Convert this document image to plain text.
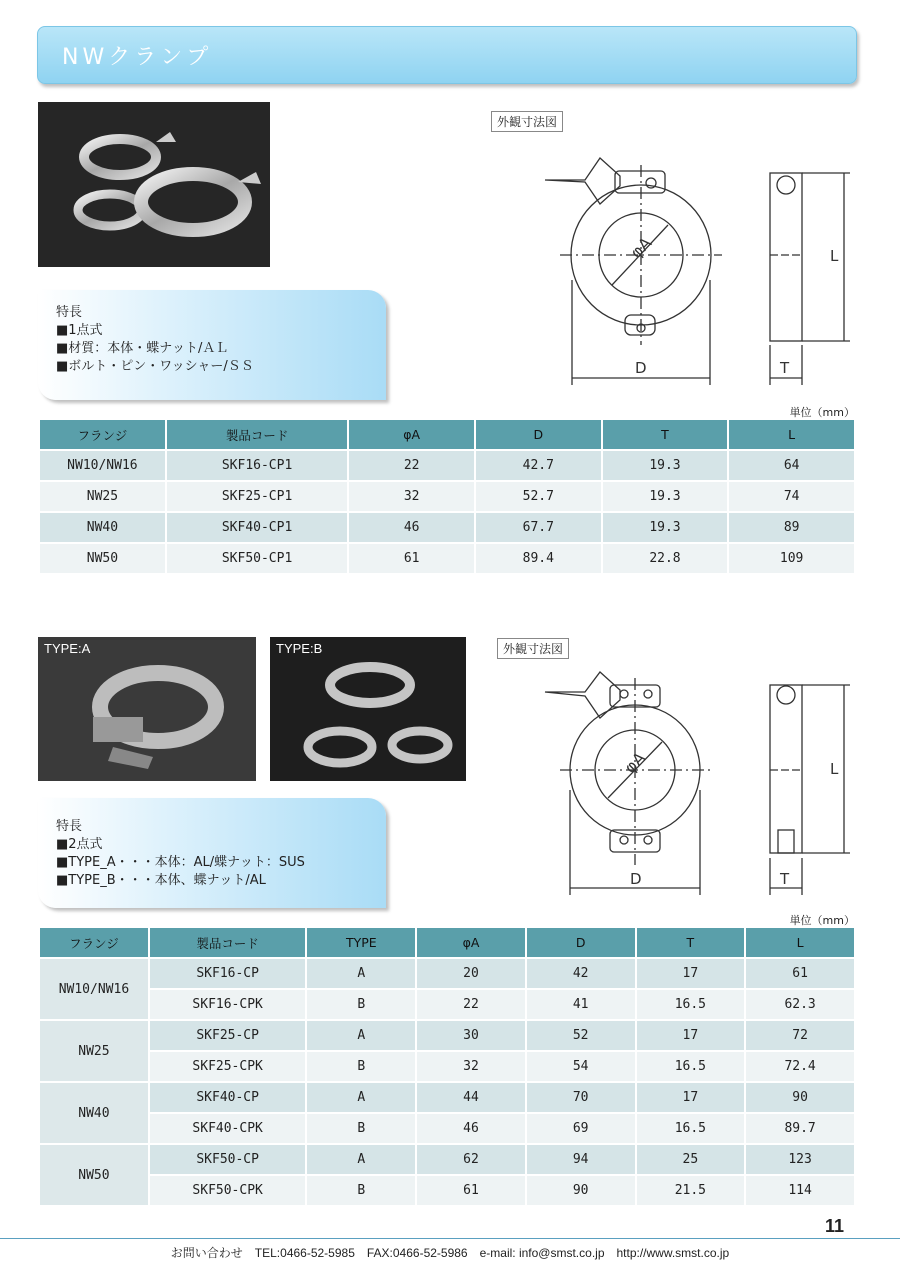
NWクランプ
特長
■1点式
■材質：本体・蝶ナット/ＡＬ
■ボルト・ピン・ワッシャー/ＳＳ
外観寸法図
φA
D	T
L
単位（mm）
フランジ	製品コード	φA	D	T	L
NW10/NW16	SKF16-CP1	22	42.7	19.3	64
NW25	SKF25-CP1	32	52.7	19.3	74
NW40	SKF40-CP1	46	67.7	19.3	89
NW50	SKF50-CP1	61	89.4	22.8	109
TYPE:A	TYPE:B
特長
■2点式
■TYPE_A・・・本体：AL/蝶ナット：SUS
■TYPE_B・・・本体、蝶ナット/AL
外観寸法図
φA
D	T
L
単位（mm）
フランジ	製品コード	TYPE	φA	D	T	L
NW10/NW16	SKF16-CP	A	20	42	17	61
	SKF16-CPK	B	22	41	16.5	62.3
NW25	SKF25-CP	A	30	52	17	72
	SKF25-CPK	B	32	54	16.5	72.4
NW40	SKF40-CP	A	44	70	17	90
	SKF40-CPK	B	46	69	16.5	89.7
NW50	SKF50-CP	A	62	94	25	123
	SKF50-CPK	B	61	90	21.5	114
11
お問い合わせ　TEL:0466-52-5985　FAX:0466-52-5986　e-mail: info@smst.co.jp　http://www.smst.co.jp
